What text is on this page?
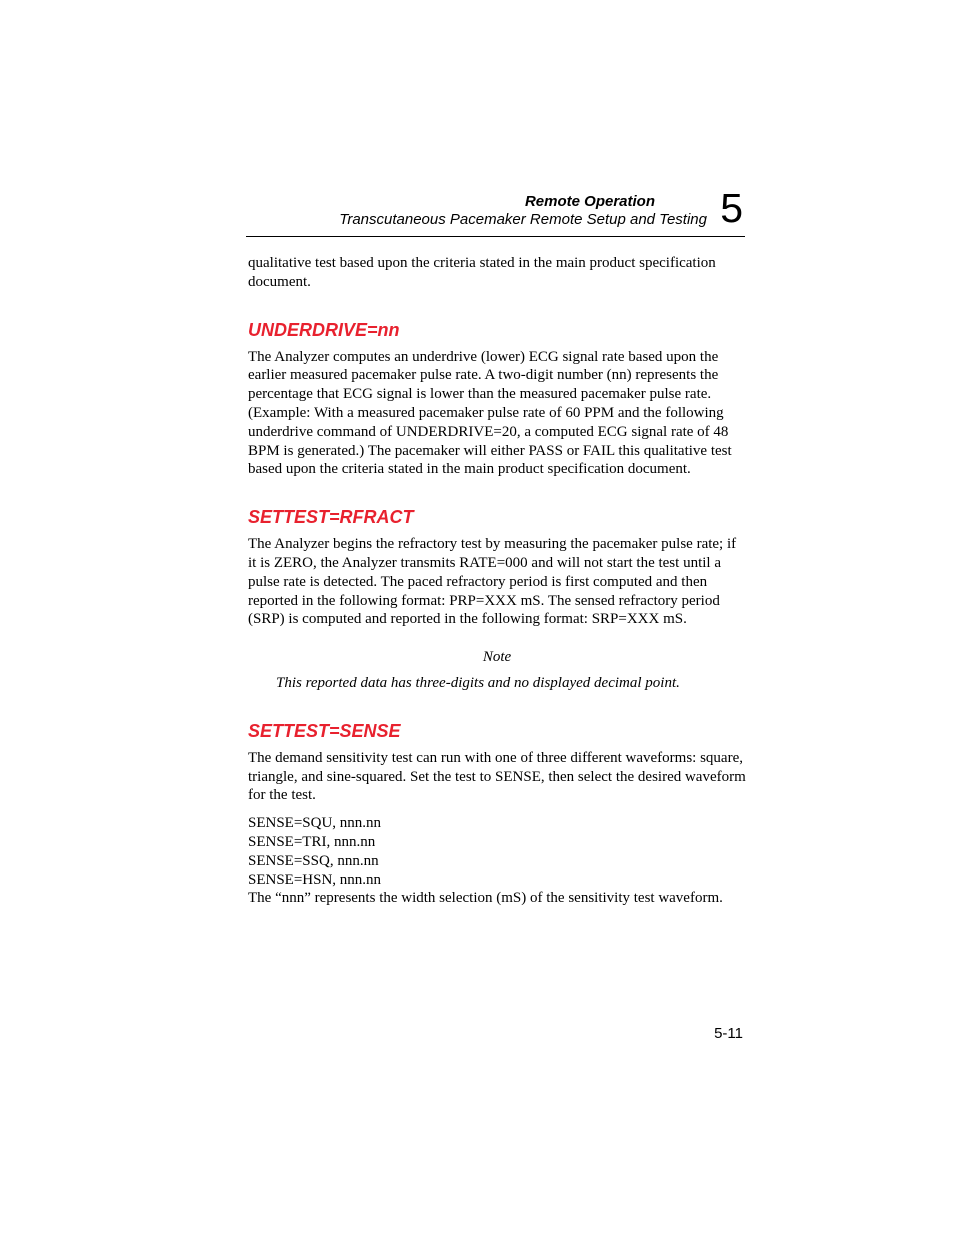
Remote Operation
Transcutaneous Pacemaker Remote Setup and Testing 5

qualitative test based upon the criteria stated in the main product specification document.

UNDERDRIVE=nn

The Analyzer computes an underdrive (lower) ECG signal rate based upon the earlier measured pacemaker pulse rate. A two-digit number (nn) represents the percentage that ECG signal is lower than the measured pacemaker pulse rate. (Example: With a measured pacemaker pulse rate of 60 PPM and the following underdrive command of UNDERDRIVE=20, a computed ECG signal rate of 48 BPM is generated.) The pacemaker will either PASS or FAIL this qualitative test based upon the criteria stated in the main product specification document.

SETTEST=RFRACT

The Analyzer begins the refractory test by measuring the pacemaker pulse rate; if it is ZERO, the Analyzer transmits RATE=000 and will not start the test until a pulse rate is detected. The paced refractory period is first computed and then reported in the following format: PRP=XXX mS. The sensed refractory period (SRP) is computed and reported in the following format: SRP=XXX mS.

Note
This reported data has three-digits and no displayed decimal point.
SETTEST=SENSE

The demand sensitivity test can run with one of three different waveforms: square, triangle, and sine-squared. Set the test to SENSE, then select the desired waveform for the test.

SENSE=SQU, nnn.nn

SENSE=TRI, nnn.nn

SENSE=SSQ, nnn.nn

SENSE=HSN, nnn.nn

The “nnn” represents the width selection (mS) of the sensitivity test waveform.

5-11
